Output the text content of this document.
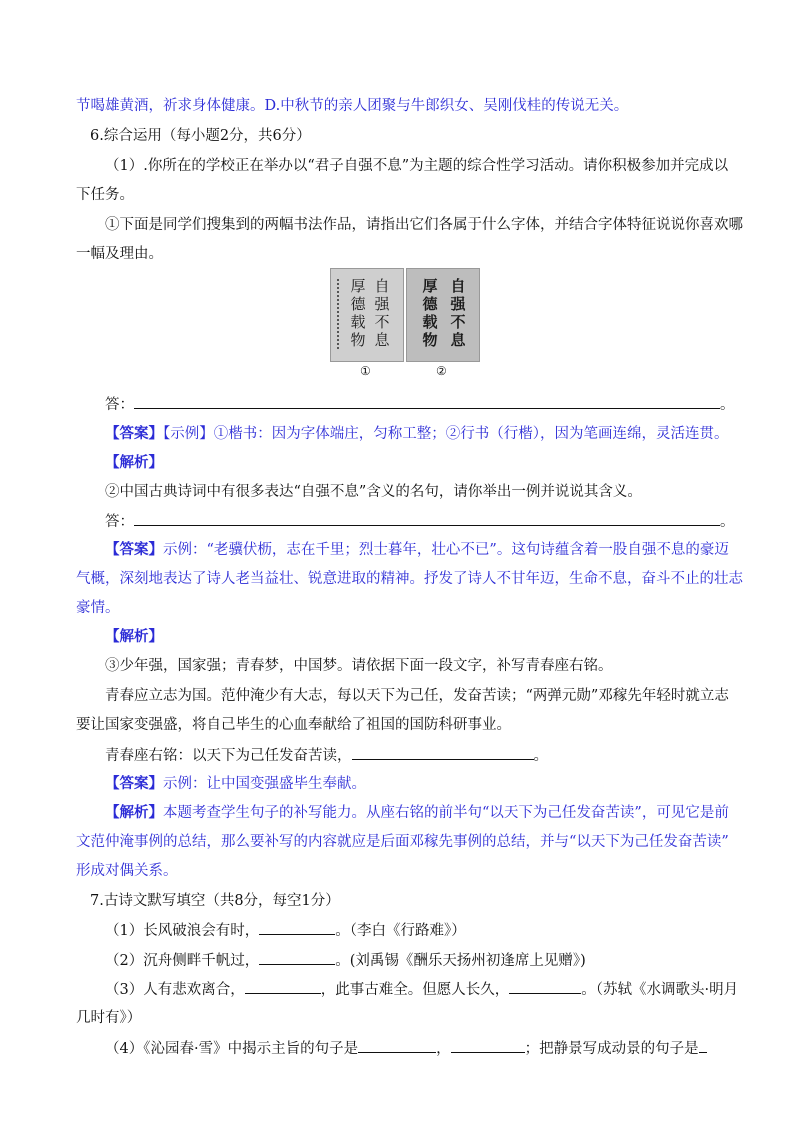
节喝雄黄酒，祈求身体健康。D.中秋节的亲人团聚与牛郎织女、吴刚伐桂的传说无关。
6.综合运用（每小题2分，共6分）
（1）.你所在的学校正在举办以“君子自强不息”为主题的综合性学习活动。请你积极参加并完成以
下任务。
①下面是同学们搜集到的两幅书法作品，请指出它们各属于什么字体，并结合字体特征说说你喜欢哪
一幅及理由。
自强不息
厚德载物
自强不息
厚德载物
①	②
答：	。
【答案】【示例】①楷书：因为字体端庄，匀称工整；②行书（行楷），因为笔画连绵，灵活连贯。
【解析】
②中国古典诗词中有很多表达“自强不息”含义的名句，请你举出一例并说说其含义。
答：	。
【答案】示例：“老骥伏枥，志在千里；烈士暮年，壮心不已”。这句诗蕴含着一股自强不息的豪迈
气概，深刻地表达了诗人老当益壮、锐意进取的精神。抒发了诗人不甘年迈，生命不息，奋斗不止的壮志
豪情。
【解析】
③少年强，国家强；青春梦，中国梦。请依据下面一段文字，补写青春座右铭。
青春应立志为国。范仲淹少有大志，每以天下为己任，发奋苦读；“两弹元勋”邓稼先年轻时就立志
要让国家变强盛，将自己毕生的心血奉献给了祖国的国防科研事业。
青春座右铭：以天下为己任发奋苦读，	。
【答案】示例：让中国变强盛毕生奉献。
【解析】本题考查学生句子的补写能力。从座右铭的前半句“以天下为己任发奋苦读”，可见它是前
文范仲淹事例的总结，那么要补写的内容就应是后面邓稼先事例的总结，并与“以天下为己任发奋苦读”
形成对偶关系。
7.古诗文默写填空（共8分，每空1分）
（1）长风破浪会有时，	。（李白《行路难》）
（2）沉舟侧畔千帆过，	。(刘禹锡《酬乐天扬州初逢席上见赠》)
（3）人有悲欢离合，	，此事古难全。但愿人长久，	。（苏轼《水调歌头·明月
几时有》）
（4）《沁园春·雪》中揭示主旨的句子是	，	；把静景写成动景的句子是
